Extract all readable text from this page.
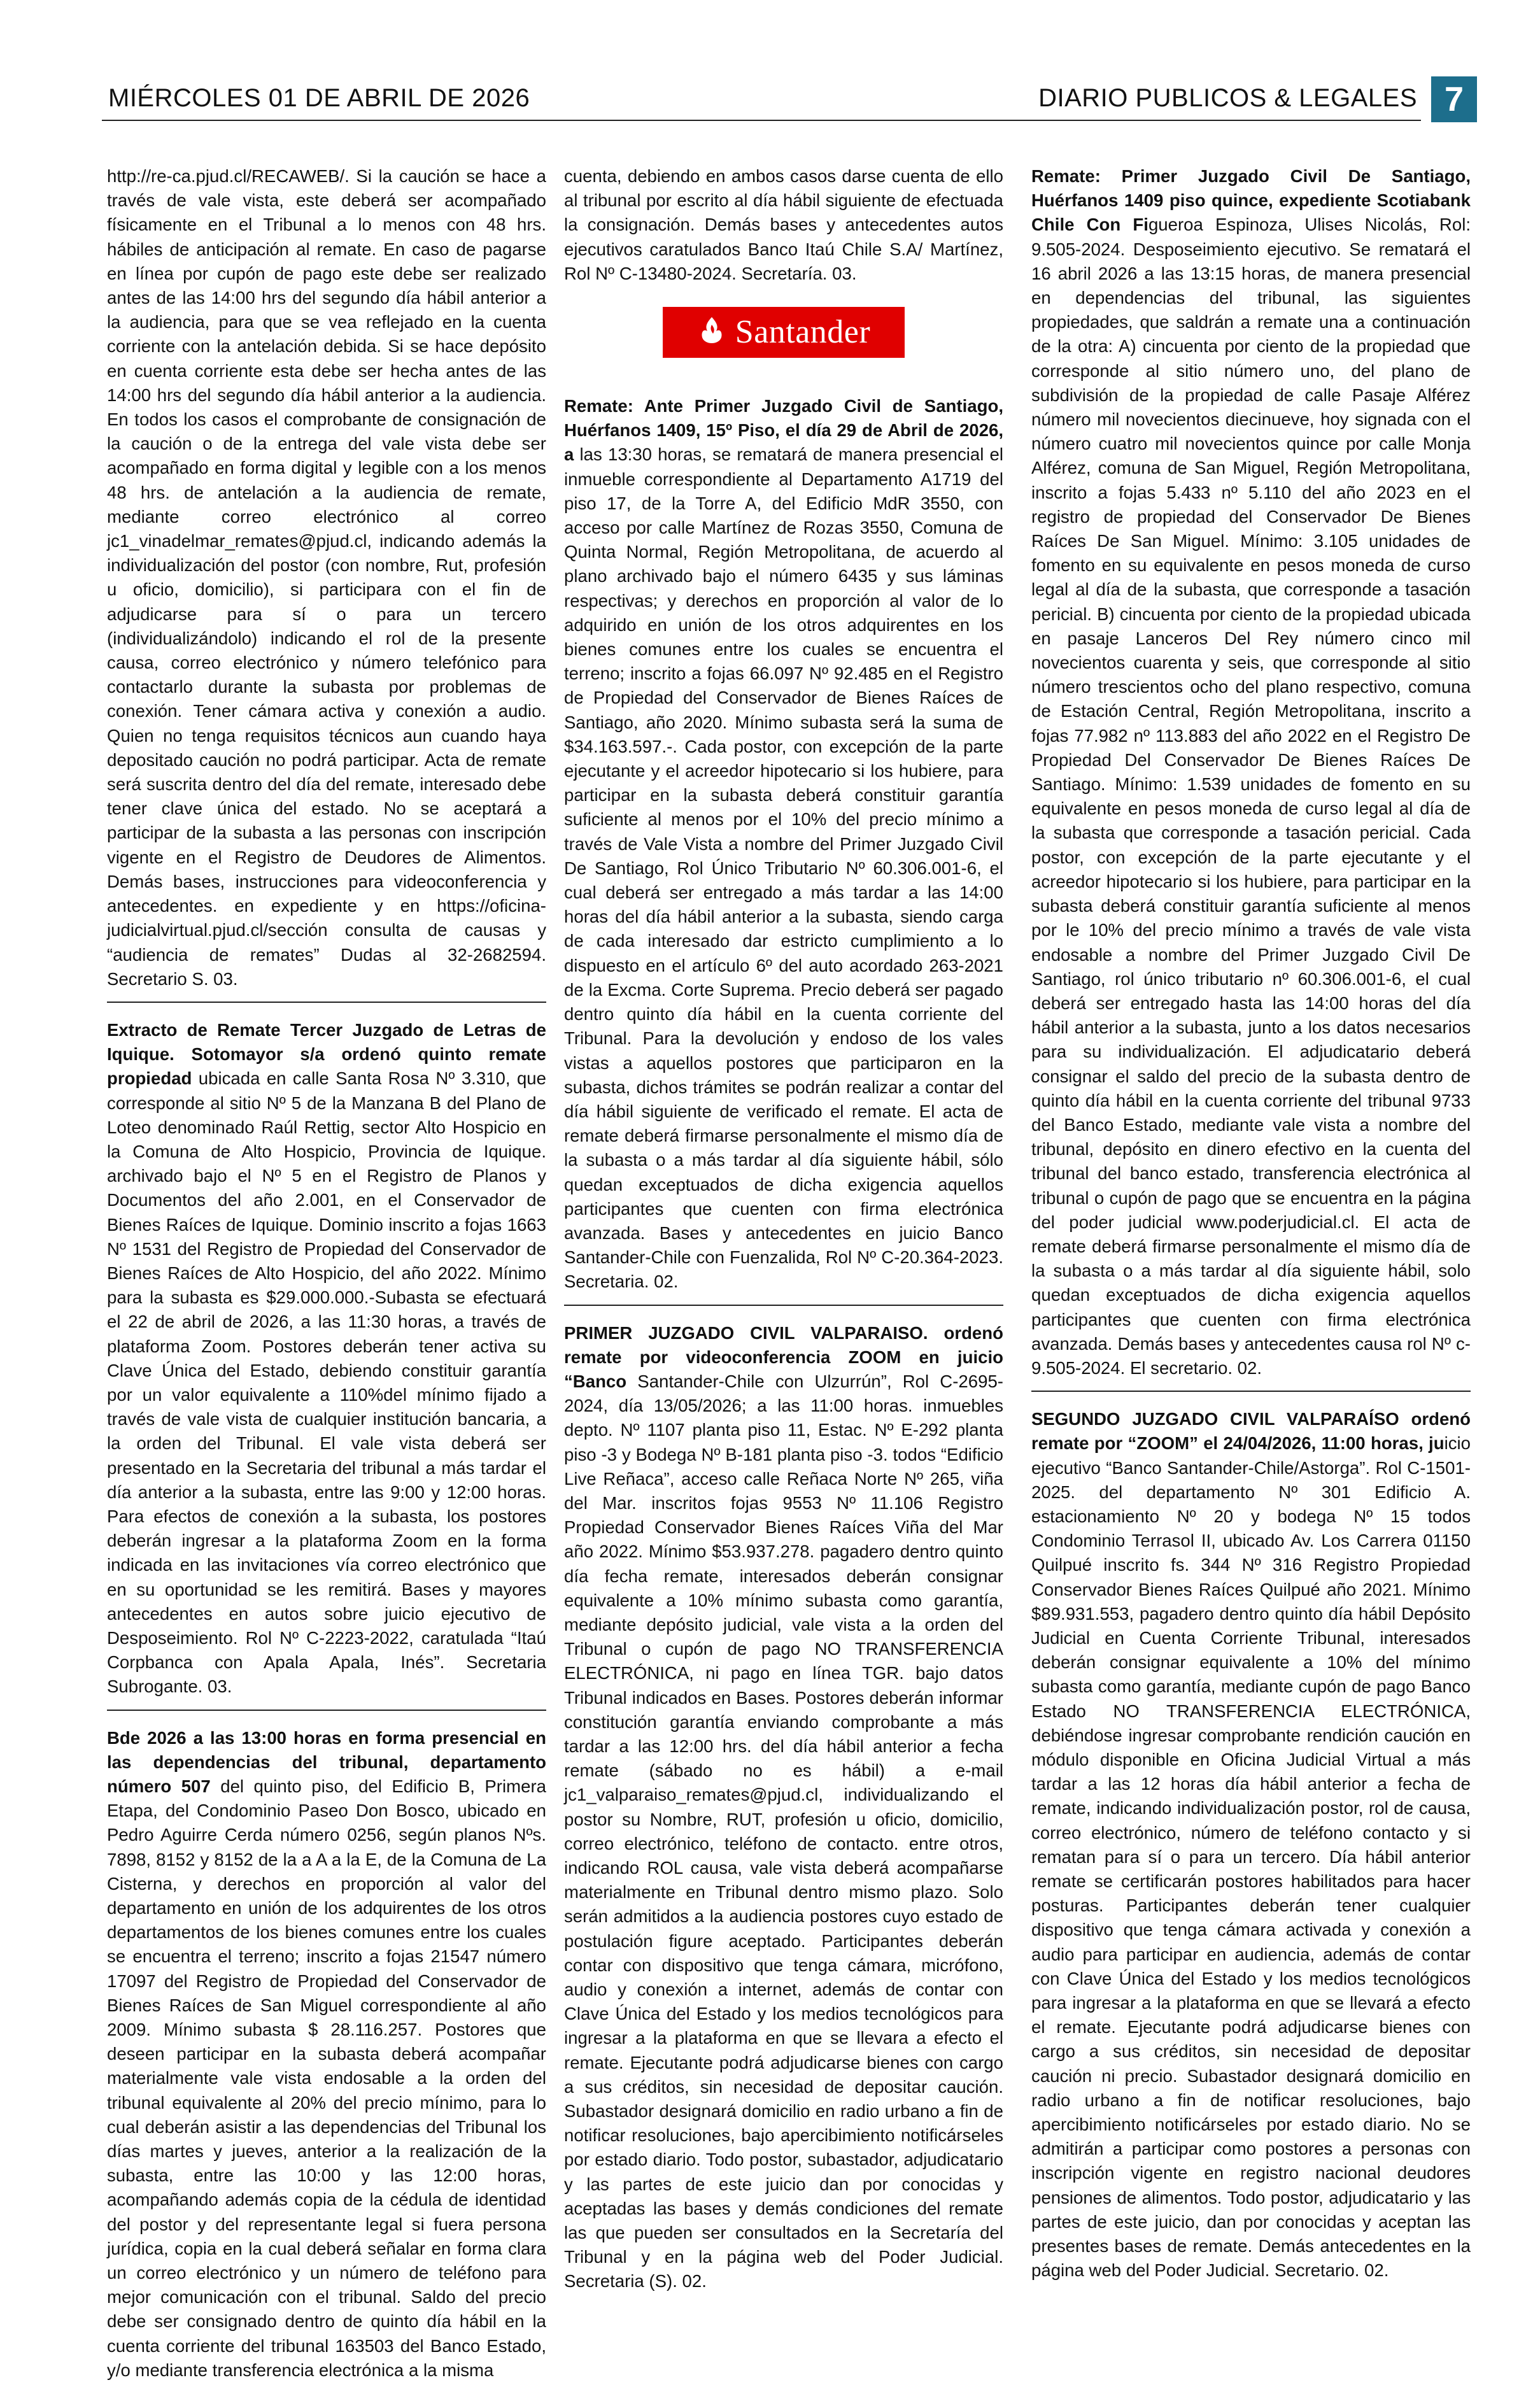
MIÉRCOLES 01 DE ABRIL DE 2026	DIARIO PUBLICOS & LEGALES 7

http://re-ca.pjud.cl/RECAWEB/. Si la caución se hace a través de vale vista, este deberá ser acompañado físicamente en el Tribunal a lo menos con 48 hrs. hábiles de anticipación al remate. En caso de pagarse en línea por cupón de pago este debe ser realizado antes de las 14:00 hrs del segundo día hábil anterior a la audiencia, para que se vea reflejado en la cuenta corriente con la antelación debida. Si se hace depósito en cuenta corriente esta debe ser hecha antes de las 14:00 hrs del segundo día hábil anterior a la audiencia. En todos los casos el comprobante de consignación de la caución o de la entrega del vale vista debe ser acompañado en forma digital y legible con a los menos 48 hrs. de antelación a la audiencia de remate, mediante correo electrónico al correo jc1_vinadelmar_remates@pjud.cl, indicando además la individualización del postor (con nombre, Rut, profesión u oficio, domicilio), si participara con el fin de adjudicarse para sí o para un tercero (individualizándolo) indicando el rol de la presente causa, correo electrónico y número telefónico para contactarlo durante la subasta por problemas de conexión. Tener cámara activa y conexión a audio. Quien no tenga requisitos técnicos aun cuando haya depositado caución no podrá participar. Acta de remate será suscrita dentro del día del remate, interesado debe tener clave única del estado. No se aceptará a participar de la subasta a las personas con inscripción vigente en el Registro de Deudores de Alimentos. Demás bases, instrucciones para videoconferencia y antecedentes. en expediente y en https://oficina-judicialvirtual.pjud.cl/sección consulta de causas y “audiencia de remates” Dudas al 32-2682594. Secretario S. 03.

Extracto de Remate Tercer Juzgado de Letras de Iquique. Sotomayor s/a ordenó quinto remate propiedad ubicada en calle Santa Rosa Nº 3.310, que corresponde al sitio Nº 5 de la Manzana B del Plano de Loteo denominado Raúl Rettig, sector Alto Hospicio en la Comuna de Alto Hospicio, Provincia de Iquique. archivado bajo el Nº 5 en el Registro de Planos y Documentos del año 2.001, en el Conservador de Bienes Raíces de Iquique. Dominio inscrito a fojas 1663 Nº 1531 del Registro de Propiedad del Conservador de Bienes Raíces de Alto Hospicio, del año 2022. Mínimo para la subasta es $29.000.000.-Subasta se efectuará el 22 de abril de 2026, a las 11:30 horas, a través de plataforma Zoom. Postores deberán tener activa su Clave Única del Estado, debiendo constituir garantía por un valor equivalente a 110%del mínimo fijado a través de vale vista de cualquier institución bancaria, a la orden del Tribunal. El vale vista deberá ser presentado en la Secretaria del tribunal a más tardar el día anterior a la subasta, entre las 9:00 y 12:00 horas. Para efectos de conexión a la subasta, los postores deberán ingresar a la plataforma Zoom en la forma indicada en las invitaciones vía correo electrónico que en su oportunidad se les remitirá. Bases y mayores antecedentes en autos sobre juicio ejecutivo de Desposeimiento. Rol Nº C-2223-2022, caratulada “Itaú Corpbanca con Apala Apala, Inés”. Secretaria Subrogante. 03.

Bde 2026 a las 13:00 horas en forma presencial en las dependencias del tribunal, departamento número 507 del quinto piso, del Edificio B, Primera Etapa, del Condominio Paseo Don Bosco, ubicado en Pedro Aguirre Cerda número 0256, según planos Nºs. 7898, 8152 y 8152 de la a A a la E, de la Comuna de La Cisterna, y derechos en proporción al valor del departamento en unión de los adquirentes de los otros departamentos de los bienes comunes entre los cuales se encuentra el terreno; inscrito a fojas 21547 número 17097 del Registro de Propiedad del Conservador de Bienes Raíces de San Miguel correspondiente al año 2009. Mínimo subasta $ 28.116.257. Postores que deseen participar en la subasta deberá acompañar materialmente vale vista endosable a la orden del tribunal equivalente al 20% del precio mínimo, para lo cual deberán asistir a las dependencias del Tribunal los días martes y jueves, anterior a la realización de la subasta, entre las 10:00 y las 12:00 horas, acompañando además copia de la cédula de identidad del postor y del representante legal si fuera persona jurídica, copia en la cual deberá señalar en forma clara un correo electrónico y un número de teléfono para mejor comunicación con el tribunal. Saldo del precio debe ser consignado dentro de quinto día hábil en la cuenta corriente del tribunal 163503 del Banco Estado, y/o mediante transferencia electrónica a la misma

cuenta, debiendo en ambos casos darse cuenta de ello al tribunal por escrito al día hábil siguiente de efectuada la consignación. Demás bases y antecedentes autos ejecutivos caratulados Banco Itaú Chile S.A/ Martínez, Rol Nº C-13480-2024. Secretaría. 03.

Santander

Remate: Ante Primer Juzgado Civil de Santiago, Huérfanos 1409, 15º Piso, el día 29 de Abril de 2026, a las 13:30 horas, se rematará de manera presencial el inmueble correspondiente al Departamento A1719 del piso 17, de la Torre A, del Edificio MdR 3550, con acceso por calle Martínez de Rozas 3550, Comuna de Quinta Normal, Región Metropolitana, de acuerdo al plano archivado bajo el número 6435 y sus láminas respectivas; y derechos en proporción al valor de lo adquirido en unión de los otros adquirentes en los bienes comunes entre los cuales se encuentra el terreno; inscrito a fojas 66.097 Nº 92.485 en el Registro de Propiedad del Conservador de Bienes Raíces de Santiago, año 2020. Mínimo subasta será la suma de $34.163.597.-. Cada postor, con excepción de la parte ejecutante y el acreedor hipotecario si los hubiere, para participar en la subasta deberá constituir garantía suficiente al menos por el 10% del precio mínimo a través de Vale Vista a nombre del Primer Juzgado Civil De Santiago, Rol Único Tributario Nº 60.306.001-6, el cual deberá ser entregado a más tardar a las 14:00 horas del día hábil anterior a la subasta, siendo carga de cada interesado dar estricto cumplimiento a lo dispuesto en el artículo 6º del auto acordado 263-2021 de la Excma. Corte Suprema. Precio deberá ser pagado dentro quinto día hábil en la cuenta corriente del Tribunal. Para la devolución y endoso de los vales vistas a aquellos postores que participaron en la subasta, dichos trámites se podrán realizar a contar del día hábil siguiente de verificado el remate. El acta de remate deberá firmarse personalmente el mismo día de la subasta o a más tardar al día siguiente hábil, sólo quedan exceptuados de dicha exigencia aquellos participantes que cuenten con firma electrónica avanzada. Bases y antecedentes en juicio Banco Santander-Chile con Fuenzalida, Rol Nº C-20.364-2023. Secretaria. 02.

PRIMER JUZGADO CIVIL VALPARAISO. ordenó remate por videoconferencia ZOOM en juicio “Banco Santander-Chile con Ulzurrún”, Rol C-2695-2024, día 13/05/2026; a las 11:00 horas. inmuebles depto. Nº 1107 planta piso 11, Estac. Nº E-292 planta piso -3 y Bodega Nº B-181 planta piso -3. todos “Edificio Live Reñaca”, acceso calle Reñaca Norte Nº 265, viña del Mar. inscritos fojas 9553 Nº 11.106 Registro Propiedad Conservador Bienes Raíces Viña del Mar año 2022. Mínimo $53.937.278. pagadero dentro quinto día fecha remate, interesados deberán consignar equivalente a 10% mínimo subasta como garantía, mediante depósito judicial, vale vista a la orden del Tribunal o cupón de pago NO TRANSFERENCIA ELECTRÓNICA, ni pago en línea TGR. bajo datos Tribunal indicados en Bases. Postores deberán informar constitución garantía enviando comprobante a más tardar a las 12:00 hrs. del día hábil anterior a fecha remate (sábado no es hábil) a e-mail jc1_valparaiso_remates@pjud.cl, individualizando el postor su Nombre, RUT, profesión u oficio, domicilio, correo electrónico, teléfono de contacto. entre otros, indicando ROL causa, vale vista deberá acompañarse materialmente en Tribunal dentro mismo plazo. Solo serán admitidos a la audiencia postores cuyo estado de postulación figure aceptado. Participantes deberán contar con dispositivo que tenga cámara, micrófono, audio y conexión a internet, además de contar con Clave Única del Estado y los medios tecnológicos para ingresar a la plataforma en que se llevara a efecto el remate. Ejecutante podrá adjudicarse bienes con cargo a sus créditos, sin necesidad de depositar caución. Subastador designará domicilio en radio urbano a fin de notificar resoluciones, bajo apercibimiento notificárseles por estado diario. Todo postor, subastador, adjudicatario y las partes de este juicio dan por conocidas y aceptadas las bases y demás condiciones del remate las que pueden ser consultados en la Secretaría del Tribunal y en la página web del Poder Judicial. Secretaria (S). 02.

Remate: Primer Juzgado Civil De Santiago, Huérfanos 1409 piso quince, expediente Scotiabank Chile Con Figueroa Espinoza, Ulises Nicolás, Rol: 9.505-2024. Desposeimiento ejecutivo. Se rematará el 16 abril 2026 a las 13:15 horas, de manera presencial en dependencias del tribunal, las siguientes propiedades, que saldrán a remate una a continuación de la otra: A) cincuenta por ciento de la propiedad que corresponde al sitio número uno, del plano de subdivisión de la propiedad de calle Pasaje Alférez número mil novecientos diecinueve, hoy signada con el número cuatro mil novecientos quince por calle Monja Alférez, comuna de San Miguel, Región Metropolitana, inscrito a fojas 5.433 nº 5.110 del año 2023 en el registro de propiedad del Conservador De Bienes Raíces De San Miguel. Mínimo: 3.105 unidades de fomento en su equivalente en pesos moneda de curso legal al día de la subasta, que corresponde a tasación pericial. B) cincuenta por ciento de la propiedad ubicada en pasaje Lanceros Del Rey número cinco mil novecientos cuarenta y seis, que corresponde al sitio número trescientos ocho del plano respectivo, comuna de Estación Central, Región Metropolitana, inscrito a fojas 77.982 nº 113.883 del año 2022 en el Registro De Propiedad Del Conservador De Bienes Raíces De Santiago. Mínimo: 1.539 unidades de fomento en su equivalente en pesos moneda de curso legal al día de la subasta que corresponde a tasación pericial. Cada postor, con excepción de la parte ejecutante y el acreedor hipotecario si los hubiere, para participar en la subasta deberá constituir garantía suficiente al menos por le 10% del precio mínimo a través de vale vista endosable a nombre del Primer Juzgado Civil De Santiago, rol único tributario nº 60.306.001-6, el cual deberá ser entregado hasta las 14:00 horas del día hábil anterior a la subasta, junto a los datos necesarios para su individualización. El adjudicatario deberá consignar el saldo del precio de la subasta dentro de quinto día hábil en la cuenta corriente del tribunal 9733 del Banco Estado, mediante vale vista a nombre del tribunal, depósito en dinero efectivo en la cuenta del tribunal del banco estado, transferencia electrónica al tribunal o cupón de pago que se encuentra en la página del poder judicial www.poderjudicial.cl. El acta de remate deberá firmarse personalmente el mismo día de la subasta o a más tardar al día siguiente hábil, solo quedan exceptuados de dicha exigencia aquellos participantes que cuenten con firma electrónica avanzada. Demás bases y antecedentes causa rol Nº c-9.505-2024. El secretario. 02.

SEGUNDO JUZGADO CIVIL VALPARAÍSO ordenó remate por “ZOOM” el 24/04/2026, 11:00 horas, juicio ejecutivo “Banco Santander-Chile/Astorga”. Rol C-1501-2025. del departamento Nº 301 Edificio A. estacionamiento Nº 20 y bodega Nº 15 todos Condominio Terrasol II, ubicado Av. Los Carrera 01150 Quilpué inscrito fs. 344 Nº 316 Registro Propiedad Conservador Bienes Raíces Quilpué año 2021. Mínimo $89.931.553, pagadero dentro quinto día hábil Depósito Judicial en Cuenta Corriente Tribunal, interesados deberán consignar equivalente a 10% del mínimo subasta como garantía, mediante cupón de pago Banco Estado NO TRANSFERENCIA ELECTRÓNICA, debiéndose ingresar comprobante rendición caución en módulo disponible en Oficina Judicial Virtual a más tardar a las 12 horas día hábil anterior a fecha de remate, indicando individualización postor, rol de causa, correo electrónico, número de teléfono contacto y si rematan para sí o para un tercero. Día hábil anterior remate se certificarán postores habilitados para hacer posturas. Participantes deberán tener cualquier dispositivo que tenga cámara activada y conexión a audio para participar en audiencia, además de contar con Clave Única del Estado y los medios tecnológicos para ingresar a la plataforma en que se llevará a efecto el remate. Ejecutante podrá adjudicarse bienes con cargo a sus créditos, sin necesidad de depositar caución ni precio. Subastador designará domicilio en radio urbano a fin de notificar resoluciones, bajo apercibimiento notificárseles por estado diario. No se admitirán a participar como postores a personas con inscripción vigente en registro nacional deudores pensiones de alimentos. Todo postor, adjudicatario y las partes de este juicio, dan por conocidas y aceptan las presentes bases de remate. Demás antecedentes en la página web del Poder Judicial. Secretario. 02.
